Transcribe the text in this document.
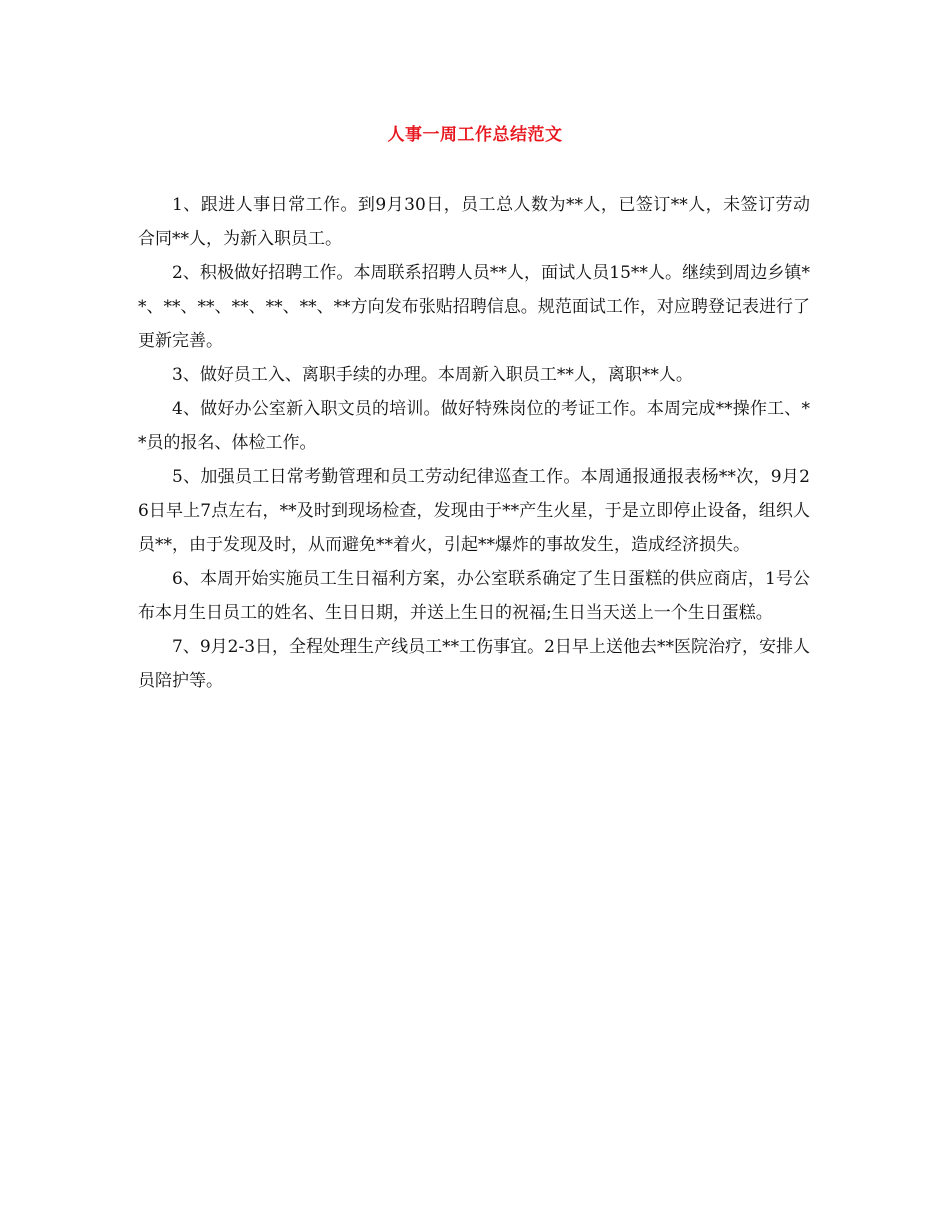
人事一周工作总结范文

1、跟进人事日常工作。到9月30日，员工总人数为**人，已签订**人，未签订劳动合同**人，为新入职员工。

2、积极做好招聘工作。本周联系招聘人员**人，面试人员15**人。继续到周边乡镇**、**、**、**、**、**、**方向发布张贴招聘信息。规范面试工作，对应聘登记表进行了更新完善。

3、做好员工入、离职手续的办理。本周新入职员工**人，离职**人。

4、做好办公室新入职文员的培训。做好特殊岗位的考证工作。本周完成**操作工、**员的报名、体检工作。

5、加强员工日常考勤管理和员工劳动纪律巡查工作。本周通报通报表杨**次，9月26日早上7点左右，**及时到现场检查，发现由于**产生火星，于是立即停止设备，组织人员**，由于发现及时，从而避免**着火，引起**爆炸的事故发生，造成经济损失。

6、本周开始实施员工生日福利方案，办公室联系确定了生日蛋糕的供应商店，1号公布本月生日员工的姓名、生日日期，并送上生日的祝福;生日当天送上一个生日蛋糕。

7、9月2-3日，全程处理生产线员工**工伤事宜。2日早上送他去**医院治疗，安排人员陪护等。
